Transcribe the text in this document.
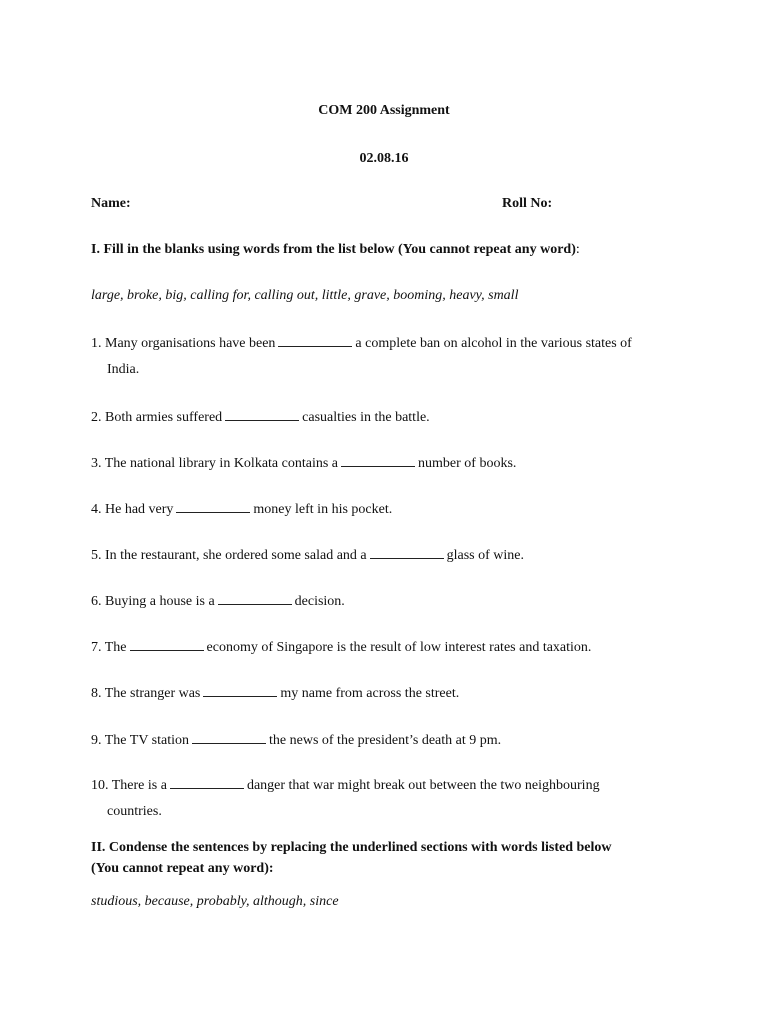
COM 200 Assignment
02.08.16
Name:	Roll No:
I. Fill in the blanks using words from the list below (You cannot repeat any word):
large, broke, big, calling for, calling out, little, grave, booming, heavy, small
1. Many organisations have been	a complete ban on alcohol in the various states of
India.
2. Both armies suffered	casualties in the battle.
3. The national library in Kolkata contains a	number of books.
4. He had very	money left in his pocket.
5. In the restaurant, she ordered some salad and a	glass of wine.
6. Buying a house is a	decision.
7. The	economy of Singapore is the result of low interest rates and taxation.
8. The stranger was	my name from across the street.
9. The TV station	the news of the president’s death at 9 pm.
10. There is a	danger that war might break out between the two neighbouring
countries.
II. Condense the sentences by replacing the underlined sections with words listed below
(You cannot repeat any word):
studious, because, probably, although, since
